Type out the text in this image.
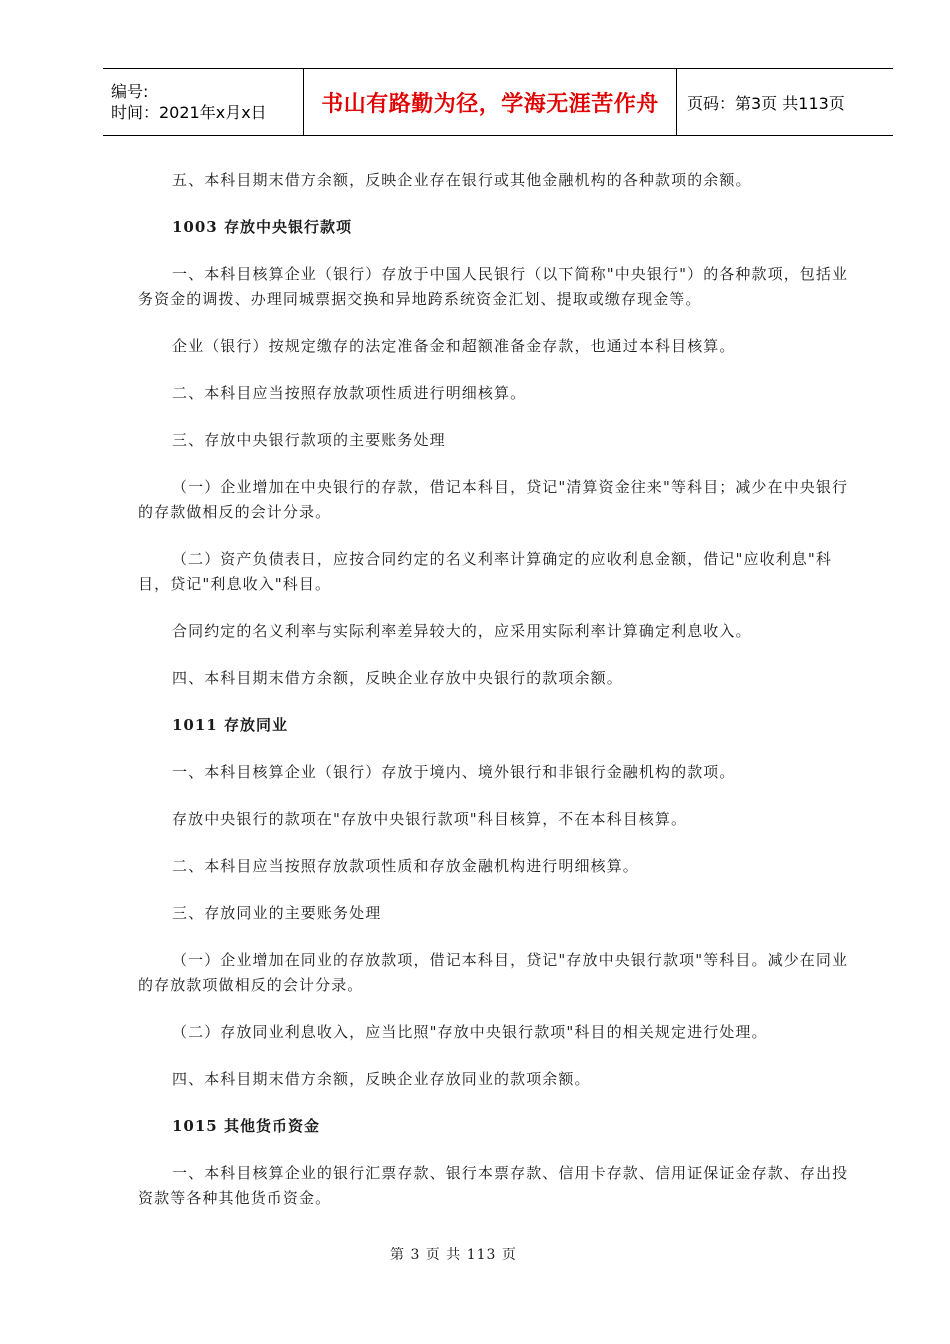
编号:
时间：2021年x月x日	书山有路勤为径，学海无涯苦作舟 页码：第3页 共113页

五、本科目期末借方余额，反映企业存在银行或其他金融机构的各种款项的余额。

1003 存放中央银行款项

一、本科目核算企业（银行）存放于中国人民银行（以下简称"中央银行"）的各种款项，包括业务资金的调拨、办理同城票据交换和异地跨系统资金汇划、提取或缴存现金等。

企业（银行）按规定缴存的法定准备金和超额准备金存款，也通过本科目核算。

二、本科目应当按照存放款项性质进行明细核算。

三、存放中央银行款项的主要账务处理

（一）企业增加在中央银行的存款，借记本科目，贷记"清算资金往来"等科目；减少在中央银行的存款做相反的会计分录。

（二）资产负债表日，应按合同约定的名义利率计算确定的应收利息金额，借记"应收利息"科目，贷记"利息收入"科目。

合同约定的名义利率与实际利率差异较大的，应采用实际利率计算确定利息收入。

四、本科目期末借方余额，反映企业存放中央银行的款项余额。

1011 存放同业

一、本科目核算企业（银行）存放于境内、境外银行和非银行金融机构的款项。

存放中央银行的款项在"存放中央银行款项"科目核算，不在本科目核算。

二、本科目应当按照存放款项性质和存放金融机构进行明细核算。

三、存放同业的主要账务处理

（一）企业增加在同业的存放款项，借记本科目，贷记"存放中央银行款项"等科目。减少在同业的存放款项做相反的会计分录。

（二）存放同业利息收入，应当比照"存放中央银行款项"科目的相关规定进行处理。

四、本科目期末借方余额，反映企业存放同业的款项余额。

1015 其他货币资金

一、本科目核算企业的银行汇票存款、银行本票存款、信用卡存款、信用证保证金存款、存出投资款等各种其他货币资金。

第 3 页 共 113 页
